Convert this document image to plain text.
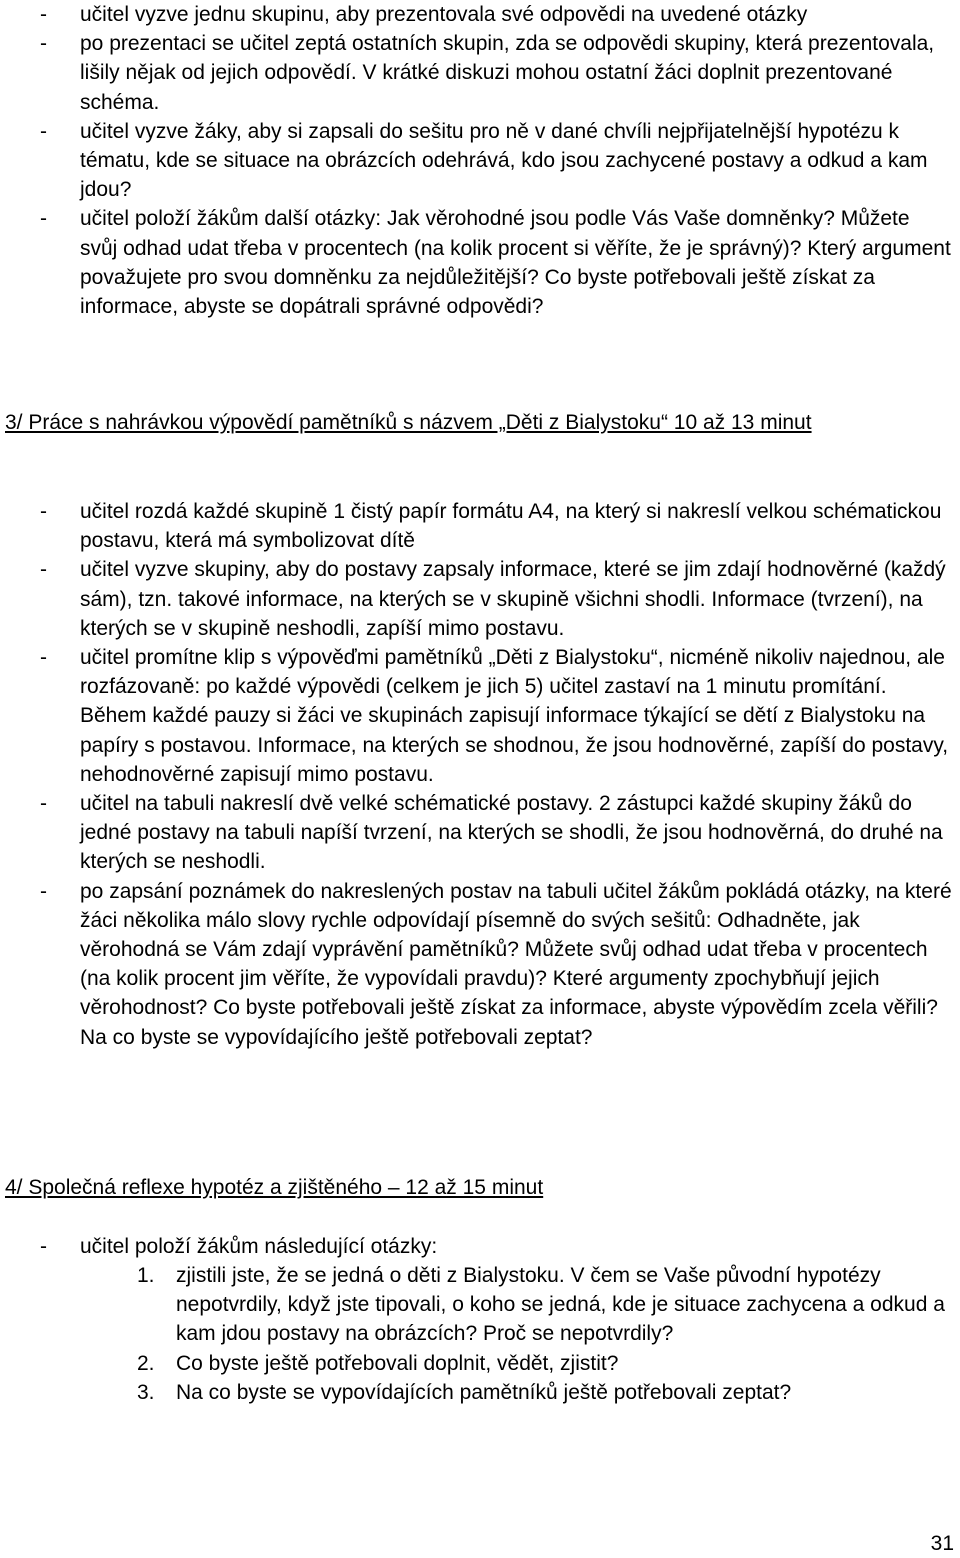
- učitel vyzve jednu skupinu, aby prezentovala své odpovědi na uvedené otázky
- po prezentaci se učitel zeptá ostatních skupin, zda se odpovědi skupiny, která prezentovala, lišily nějak od jejich odpovědí. V krátké diskuzi mohou ostatní žáci doplnit prezentované schéma.
- učitel vyzve žáky, aby si zapsali do sešitu pro ně v dané chvíli nejpřijatelnější hypotézu k tématu, kde se situace na obrázcích odehrává, kdo jsou zachycené postavy a odkud a kam jdou?
- učitel položí žákům další otázky: Jak věrohodné jsou podle Vás Vaše domněnky? Můžete svůj odhad udat třeba v procentech (na kolik procent si věříte, že je správný)? Který argument považujete pro svou domněnku za nejdůležitější? Co byste potřebovali ještě získat za informace, abyste se dopátrali správné odpovědi?
3/ Práce s nahrávkou výpovědí pamětníků s názvem „Děti z Bialystoku“ 10 až 13 minut
- učitel rozdá každé skupině 1 čistý papír formátu A4, na který si nakreslí velkou schématickou postavu, která má symbolizovat dítě
- učitel vyzve skupiny, aby do postavy zapsaly informace, které se jim zdají hodnověrné (každý sám), tzn. takové informace, na kterých se v skupině všichni shodli. Informace (tvrzení), na kterých se v skupině neshodli, zapíší mimo postavu.
- učitel promítne klip s výpověďmi pamětníků „Děti z Bialystoku“, nicméně nikoliv najednou, ale rozfázovaně: po každé výpovědi (celkem je jich 5) učitel zastaví na 1 minutu promítání. Během každé pauzy si žáci ve skupinách zapisují informace týkající se dětí z Bialystoku na papíry s postavou. Informace, na kterých se shodnou, že jsou hodnověrné, zapíší do postavy, nehodnověrné zapisují mimo postavu.
- učitel na tabuli nakreslí dvě velké schématické postavy. 2 zástupci každé skupiny žáků do jedné postavy na tabuli napíší tvrzení, na kterých se shodli, že jsou hodnověrná, do druhé na kterých se neshodli.
- po zapsání poznámek do nakreslených postav na tabuli učitel žákům pokládá otázky, na které žáci několika málo slovy rychle odpovídají písemně do svých sešitů: Odhadněte, jak věrohodná se Vám zdají vyprávění pamětníků? Můžete svůj odhad udat třeba v procentech (na kolik procent jim věříte, že vypovídali pravdu)? Které argumenty zpochybňují jejich věrohodnost? Co byste potřebovali ještě získat za informace, abyste výpovědím zcela věřili? Na co byste se vypovídajícího ještě potřebovali zeptat?
4/ Společná reflexe hypotéz a zjištěného – 12 až 15 minut
- učitel položí žákům následující otázky:
1. zjistili jste, že se jedná o děti z Bialystoku. V čem se Vaše původní hypotézy nepotvrdily, když jste tipovali, o koho se jedná, kde je situace zachycena a odkud a kam jdou postavy na obrázcích? Proč se nepotvrdily?
2. Co byste ještě potřebovali doplnit, vědět, zjistit?
3. Na co byste se vypovídajících pamětníků ještě potřebovali zeptat?
31
